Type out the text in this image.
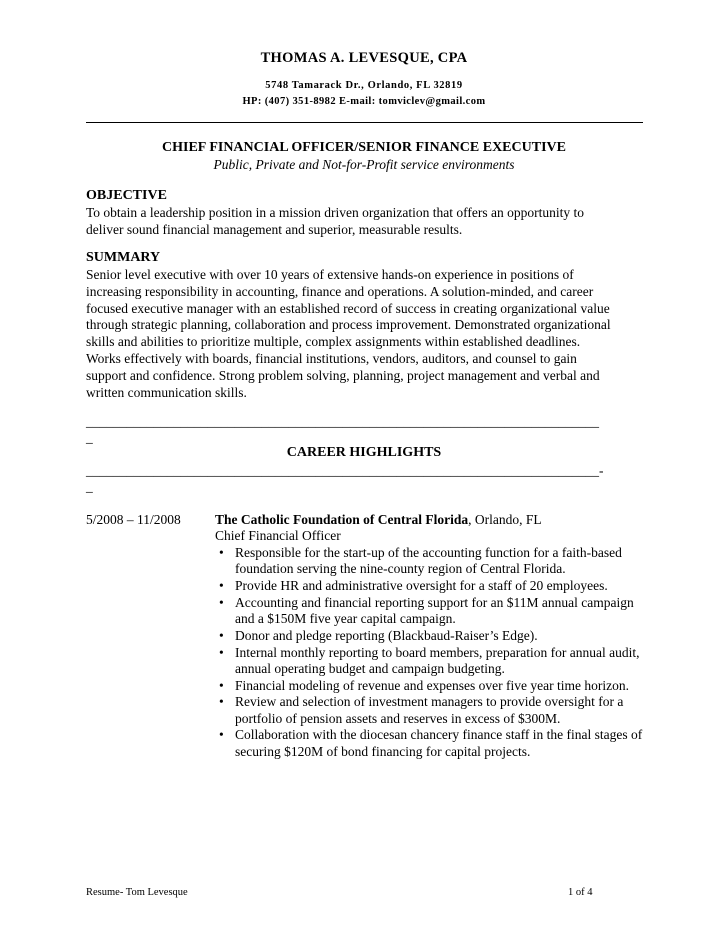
THOMAS A. LEVESQUE, CPA
5748 Tamarack Dr., Orlando, FL 32819
HP: (407) 351-8982 E-mail: tomviclev@gmail.com
CHIEF FINANCIAL OFFICER/SENIOR FINANCE EXECUTIVE
Public, Private and Not-for-Profit service environments
OBJECTIVE
To obtain a leadership position in a mission driven organization that offers an opportunity to
deliver sound financial management and superior, measurable results.
SUMMARY
Senior level executive with over 10 years of extensive hands-on experience in positions of
increasing responsibility in accounting, finance and operations. A solution-minded, and career
focused executive manager with an established record of success in creating organizational value
through strategic planning, collaboration and process improvement. Demonstrated organizational
skills and abilities to prioritize multiple, complex assignments within established deadlines.
Works effectively with boards, financial institutions, vendors, auditors, and counsel to gain
support and confidence. Strong problem solving, planning, project management and verbal and
written communication skills.
____________________________________________________________________________
_
CAREER HIGHLIGHTS
____________________________________________________________________________-
_
5/2008 – 11/2008	The Catholic Foundation of Central Florida, Orlando, FL
Chief Financial Officer
• Responsible for the start-up of the accounting function for a faith-based foundation serving the nine-county region of Central Florida.
• Provide HR and administrative oversight for a staff of 20 employees.
• Accounting and financial reporting support for an $11M annual campaign and a $150M five year capital campaign.
• Donor and pledge reporting (Blackbaud-Raiser’s Edge).
• Internal monthly reporting to board members, preparation for annual audit, annual operating budget and campaign budgeting.
• Financial modeling of revenue and expenses over five year time horizon.
• Review and selection of investment managers to provide oversight for a portfolio of pension assets and reserves in excess of $300M.
• Collaboration with the diocesan chancery finance staff in the final stages of securing $120M of bond financing for capital projects.
Resume- Tom Levesque	1 of 4
